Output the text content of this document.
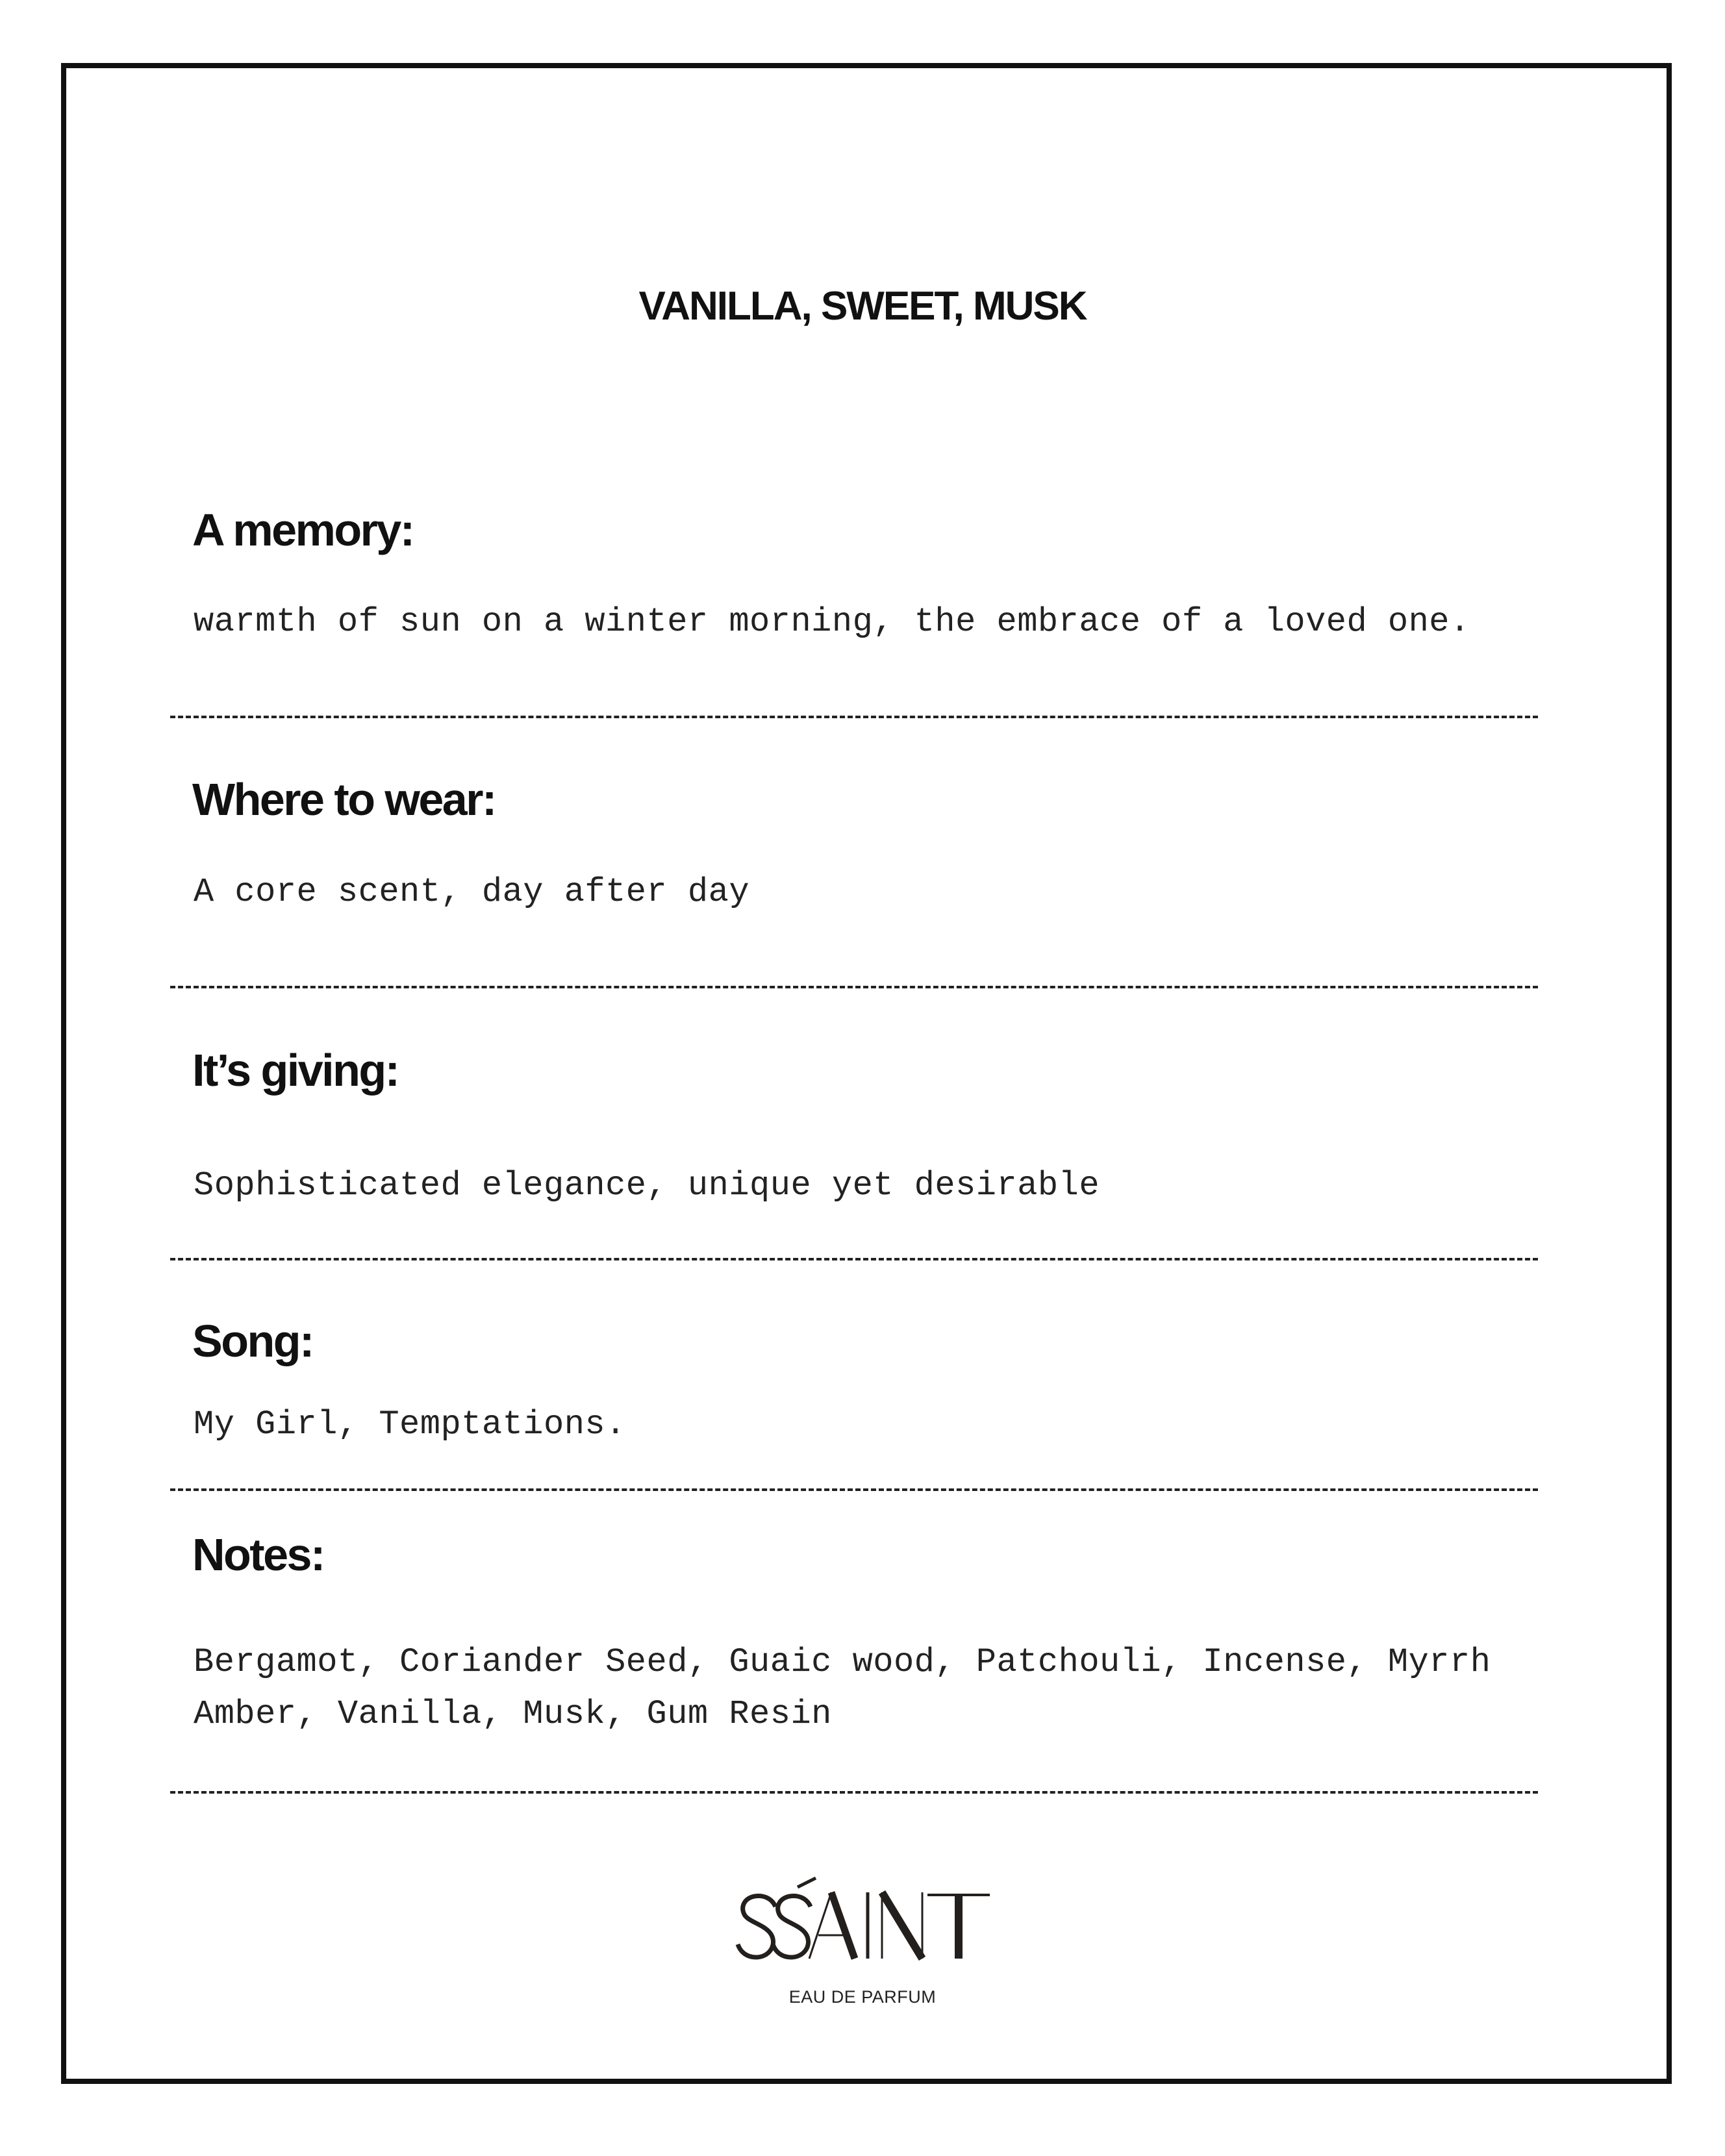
VANILLA, SWEET, MUSK
A memory:

warmth of sun on a winter morning, the embrace of a loved one.

Where to wear:

A core scent, day after day

It’s giving:

Sophisticated elegance, unique yet desirable

Song:

My Girl, Temptations.

Notes:

Bergamot, Coriander Seed, Guaic wood, Patchouli, Incense, Myrrh
Amber, Vanilla, Musk, Gum Resin

EAU DE PARFUM
